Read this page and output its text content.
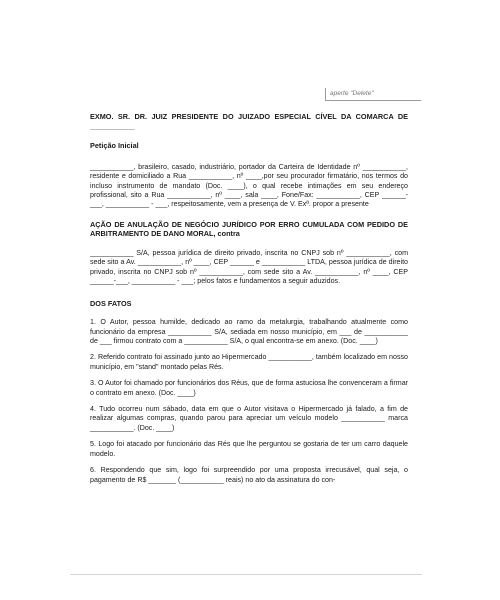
aperte "Delete"

EXMO. SR. DR. JUIZ PRESIDENTE DO JUIZADO ESPECIAL CÍVEL DA COMARCA DE ___________

Petição Inicial

___________, brasileiro, casado, industriário, portador da Carteira de Identidade nº ___________, residente e domiciliado a Rua ___________, nº ____,por seu procurador firmatário, nos termos do incluso instrumento de mandato (Doc. ____), o qual recebe intimações em seu endereço profissional, sito a Rua ___________, nº ____, sala ____, Fone/Fax: ___________, CEP ______-___, ___________ - ___, respeitosamente, vem a presença de V. Exª. propor a presente

AÇÃO DE ANULAÇÃO DE NEGÓCIO JURÍDICO POR ERRO CUMULADA COM PEDIDO DE ARBITRAMENTO DE DANO MORAL, contra

___________ S/A, pessoa jurídica de direito privado, inscrita no CNPJ sob nº ___________, com sede sito a Av. ___________, nº ____, CEP ______ e ___________ LTDA, pessoa jurídica de direito privado, inscrita no CNPJ sob nº ___________, com sede sito a Av. ___________, nº ____, CEP ______-___, ___________ - ___; pelos fatos e fundamentos a seguir aduzidos.

DOS FATOS

1. O Autor, pessoa humilde, dedicado ao ramo da metalurgia, trabalhando atualmente como funcionário da empresa ___________ S/A, sediada em nosso município, em ___ de ___________ de ___ firmou contrato com a ___________ S/A, o qual encontra-se em anexo. (Doc. ____)

2. Referido contrato foi assinado junto ao Hipermercado ___________, também localizado em nosso município, em "stand" montado pelas Rés.

3. O Autor foi chamado por funcionários dos Réus, que de forma astuciosa lhe convenceram a firmar o contrato em anexo. (Doc. ____)

4. Tudo ocorreu num sábado, data em que o Autor visitava o Hipermercado já falado, a fim de realizar algumas compras, quando parou para apreciar um veículo modelo ___________ marca ___________. (Doc. ____)

5. Logo foi atacado por funcionário das Rés que lhe perguntou se gostaria de ter um carro daquele modelo.

6. Respondendo que sim, logo foi surpreendido por uma proposta irrecusável, qual seja, o pagamento de R$ _______ (___________ reais) no ato da assinatura do con-
